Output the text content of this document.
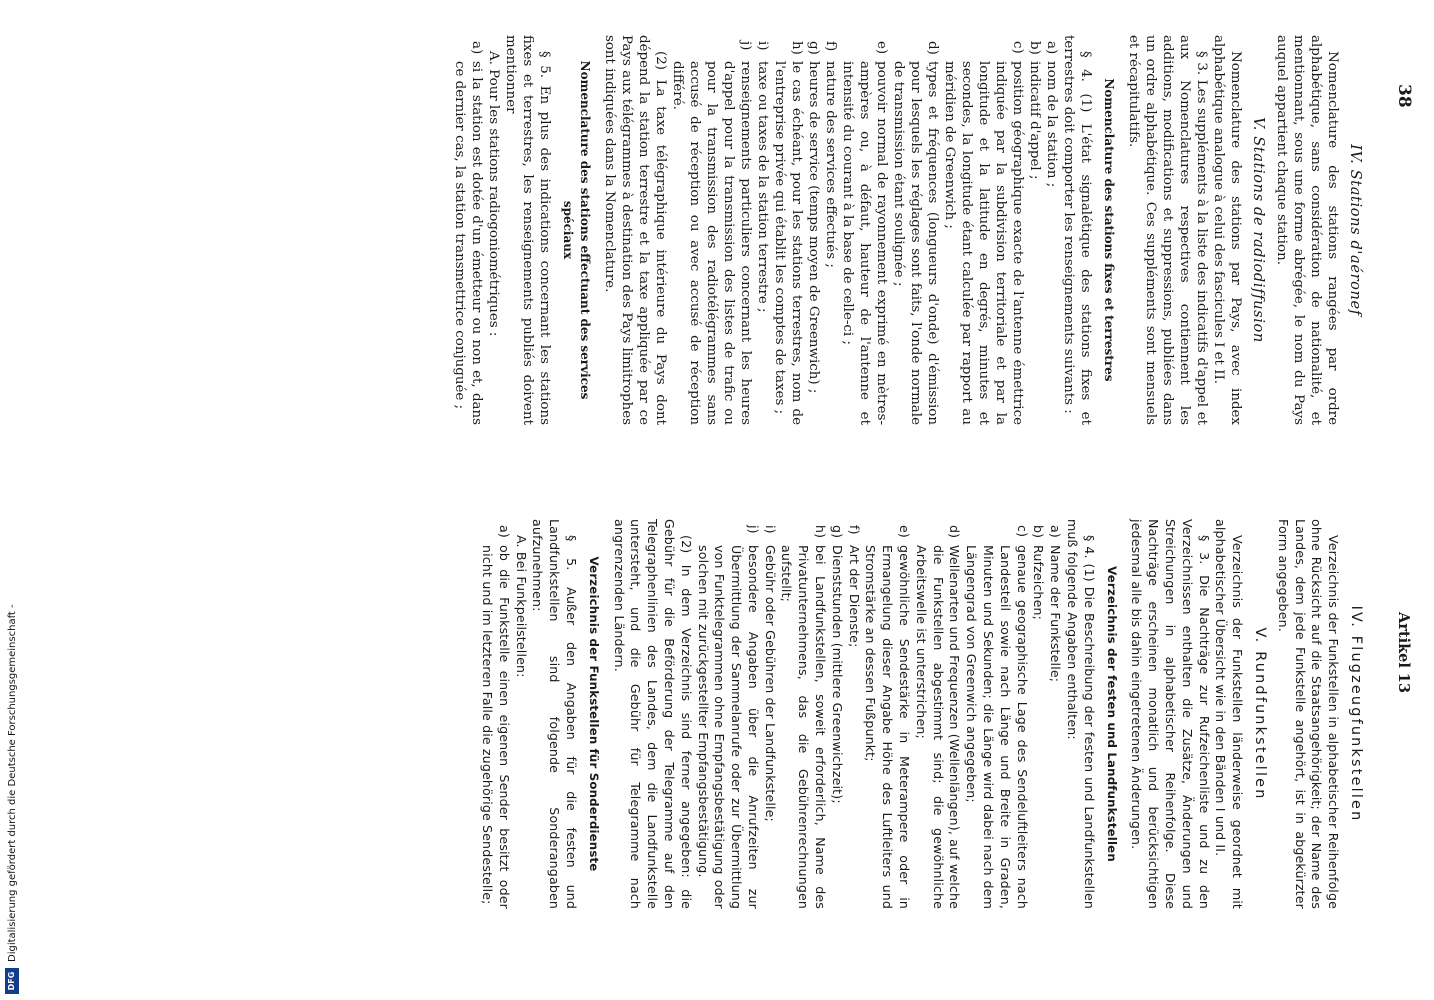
DFG
Digitalisierung gefördert durch die Deutsche Forschungsgemeinschaft -
38
Artikel 13
IV. Stations d'aéronef

Nomenclature des stations rangées par ordre alphabétique, sans considération de nationalité, et mentionnant, sous une forme abrégée, le nom du Pays auquel appartient chaque station.

V. Stations de radiodiffusion

Nomenclature des stations par Pays, avec index alphabétique analogue à celui des fascicules I et II.

§ 3. Les suppléments à la liste des indicatifs d'appel et aux Nomenclatures respectives contiennent les additions, modifications et suppressions, publiées dans un ordre alphabétique. Ces suppléments sont mensuels et récapitulatifs.

Nomenclature des stations fixes et terrestres

§ 4. (1) L'état signalétique des stations fixes et terrestres doit comporter les renseignements suivants :

a)nom de la station ;
b)indicatif d'appel ;
c)position géographique exacte de l'antenne émettrice indiquée par la subdivision territoriale et par la longitude et la latitude en degrés, minutes et secondes, la longitude étant calculée par rapport au méridien de Greenwich ;
d)types et fréquences (longueurs d'onde) d'émission pour lesquels les réglages sont faits, l'onde normale de transmission étant soulignée ;
e)pouvoir normal de rayonnement exprimé en mètres-ampères ou, à défaut, hauteur de l'antenne et intensité du courant à la base de celle-ci ;
f)nature des services effectués ;
g)heures de service (temps moyen de Greenwich) ;
h)le cas échéant, pour les stations terrestres, nom de l'entreprise privée qui établit les comptes de taxes ;
i)taxe ou taxes de la station terrestre ;
j)renseignements particuliers concernant les heures d'appel pour la transmission des listes de trafic ou pour la transmission des radiotélégrammes sans accusé de réception ou avec accusé de réception différé.

(2) La taxe télégraphique intérieure du Pays dont dépend la station terrestre et la taxe appliquée par ce Pays aux télégrammes à destination des Pays limitrophes sont indiquées dans la Nomenclature.

Nomenclature des stations effectuant des services spéciaux

§ 5. En plus des indications concernant les stations fixes et terrestres, les renseignements publiés doivent mentionner

A. Pour les stations radiogoniométriques :

a)si la station est dotée d'un émetteur ou non et, dans ce dernier cas, la station transmettrice conjuguée ;
IV. Flugzeugfunkstellen

Verzeichnis der Funkstellen in alphabetischer Reihenfolge ohne Rücksicht auf die Staatsangehörigkeit; der Name des Landes, dem jede Funkstelle angehört, ist in abgekürzter Form angegeben.

V. Rundfunkstellen

Verzeichnis der Funkstellen länderweise geordnet mit alphabetischer Übersicht wie in den Bänden I und II.

§ 3. Die Nachträge zur Rufzeichenliste und zu den Verzeichnissen enthalten die Zusätze, Änderungen und Streichungen in alphabetischer Reihenfolge. Diese Nachträge erscheinen monatlich und berücksichtigen jedesmal alle bis dahin eingetretenen Änderungen.

Verzeichnis der festen und Landfunkstellen

§ 4. (1) Die Beschreibung der festen und Landfunkstellen muß folgende Angaben enthalten:

a)Name der Funkstelle;
b)Rufzeichen;
c)genaue geographische Lage des Sendeluftleiters nach Landesteil sowie nach Länge und Breite in Graden, Minuten und Sekunden; die Länge wird dabei nach dem Längengrad von Greenwich angegeben;
d)Wellenarten und Frequenzen (Wellenlängen), auf welche die Funkstellen abgestimmt sind; die gewöhnliche Arbeitswelle ist unterstrichen;
e)gewöhnliche Sendestärke in Meterampere oder in Ermangelung dieser Angabe Höhe des Luftleiters und Stromstärke an dessen Fußpunkt;
f)Art der Dienste;
g)Dienststunden (mittlere Greenwichzeit);
h)bei Landfunkstellen, soweit erforderlich, Name des Privatunternehmens, das die Gebührenrechnungen aufstellt;
i)Gebühr oder Gebühren der Landfunkstelle;
j)besondere Angaben über die Anrufzeiten zur Übermittlung der Sammelanrufe oder zur Übermittlung von Funktelegrammen ohne Empfangsbestätigung oder solchen mit zurückgestellter Empfangsbestätigung.

(2) In dem Verzeichnis sind ferner angegeben: die Gebühr für die Beförderung der Telegramme auf den Telegraphenlinien des Landes, dem die Landfunkstelle untersteht, und die Gebühr für Telegramme nach angrenzenden Ländern.

Verzeichnis der Funkstellen für Sonderdienste

§ 5. Außer den Angaben für die festen und Landfunkstellen sind folgende Sonderangaben aufzunehmen:

A. Bei Funkpeilstellen:

a)ob die Funkstelle einen eigenen Sender besitzt oder nicht und im letzteren Falle die zugehörige Sendestelle;
